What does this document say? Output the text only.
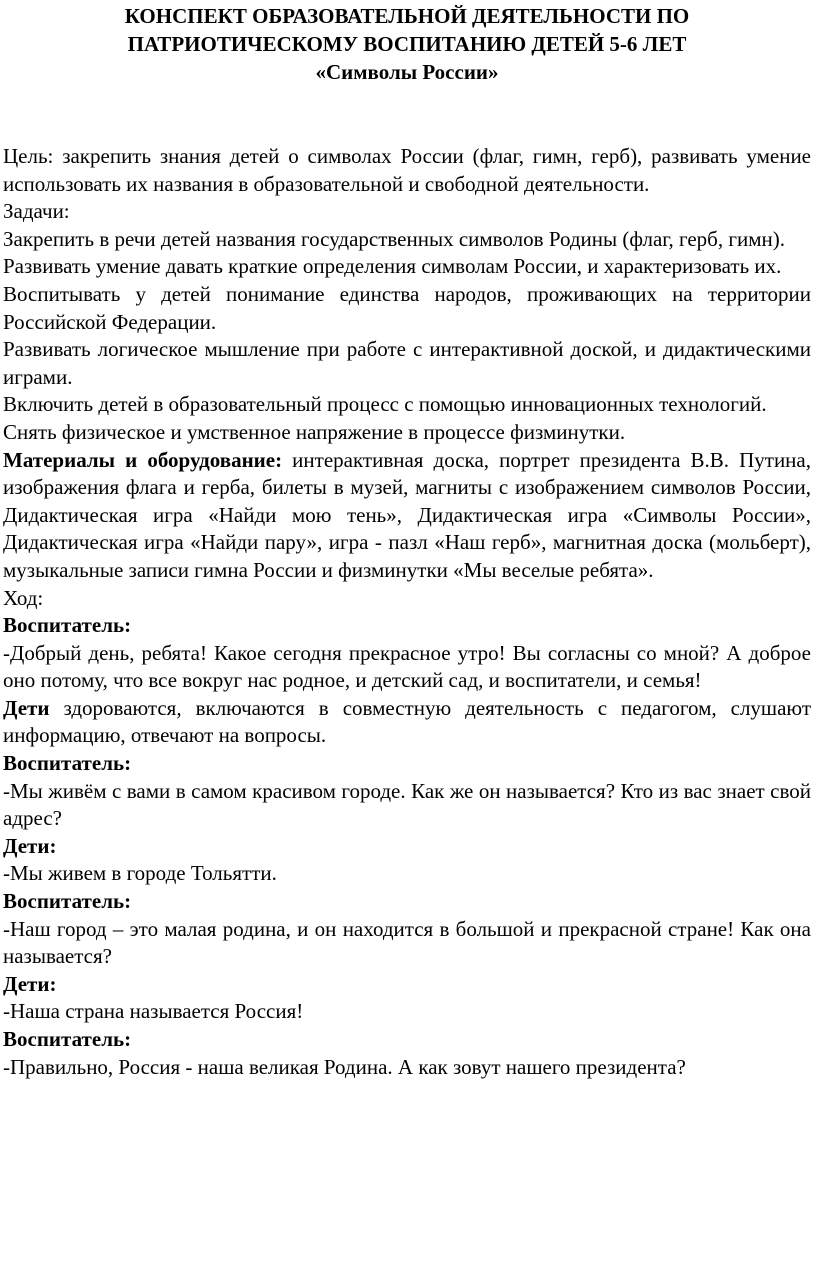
КОНСПЕКТ ОБРАЗОВАТЕЛЬНОЙ ДЕЯТЕЛЬНОСТИ ПО
ПАТРИОТИЧЕСКОМУ ВОСПИТАНИЮ ДЕТЕЙ 5-6 ЛЕТ
«Символы России»

Цель: закрепить знания детей о символах России (флаг, гимн, герб), развивать умение использовать их названия в образовательной и свободной деятельности.

Задачи:

Закрепить в речи детей названия государственных символов Родины (флаг, герб, гимн).

Развивать умение давать краткие определения символам России, и характеризовать их.

Воспитывать у детей понимание единства народов, проживающих на территории Российской Федерации.

Развивать логическое мышление при работе с интерактивной доской, и дидактическими играми.

Включить детей в образовательный процесс с помощью инновационных технологий.

Снять физическое и умственное напряжение в процессе физминутки.

Материалы и оборудование: интерактивная доска, портрет президента В.В. Путина, изображения флага и герба, билеты в музей, магниты с изображением символов России, Дидактическая игра «Найди мою тень», Дидактическая игра «Символы России», Дидактическая игра «Найди пару», игра - пазл «Наш герб», магнитная доска (мольберт), музыкальные записи гимна России и физминутки «Мы веселые ребята».

Ход:

Воспитатель:

-Добрый день, ребята! Какое сегодня прекрасное утро! Вы согласны со мной? А доброе оно потому, что все вокруг нас родное, и детский сад, и воспитатели, и семья!

Дети здороваются, включаются в совместную деятельность с педагогом, слушают информацию, отвечают на вопросы.

Воспитатель:

-Мы живём с вами в самом красивом городе. Как же он называется? Кто из вас знает свой адрес?

Дети:

-Мы живем в городе Тольятти.

Воспитатель:

-Наш город – это малая родина, и он находится в большой и прекрасной стране! Как она называется?

Дети:

-Наша страна называется Россия!

Воспитатель:

-Правильно, Россия - наша великая Родина. А как зовут нашего президента?
